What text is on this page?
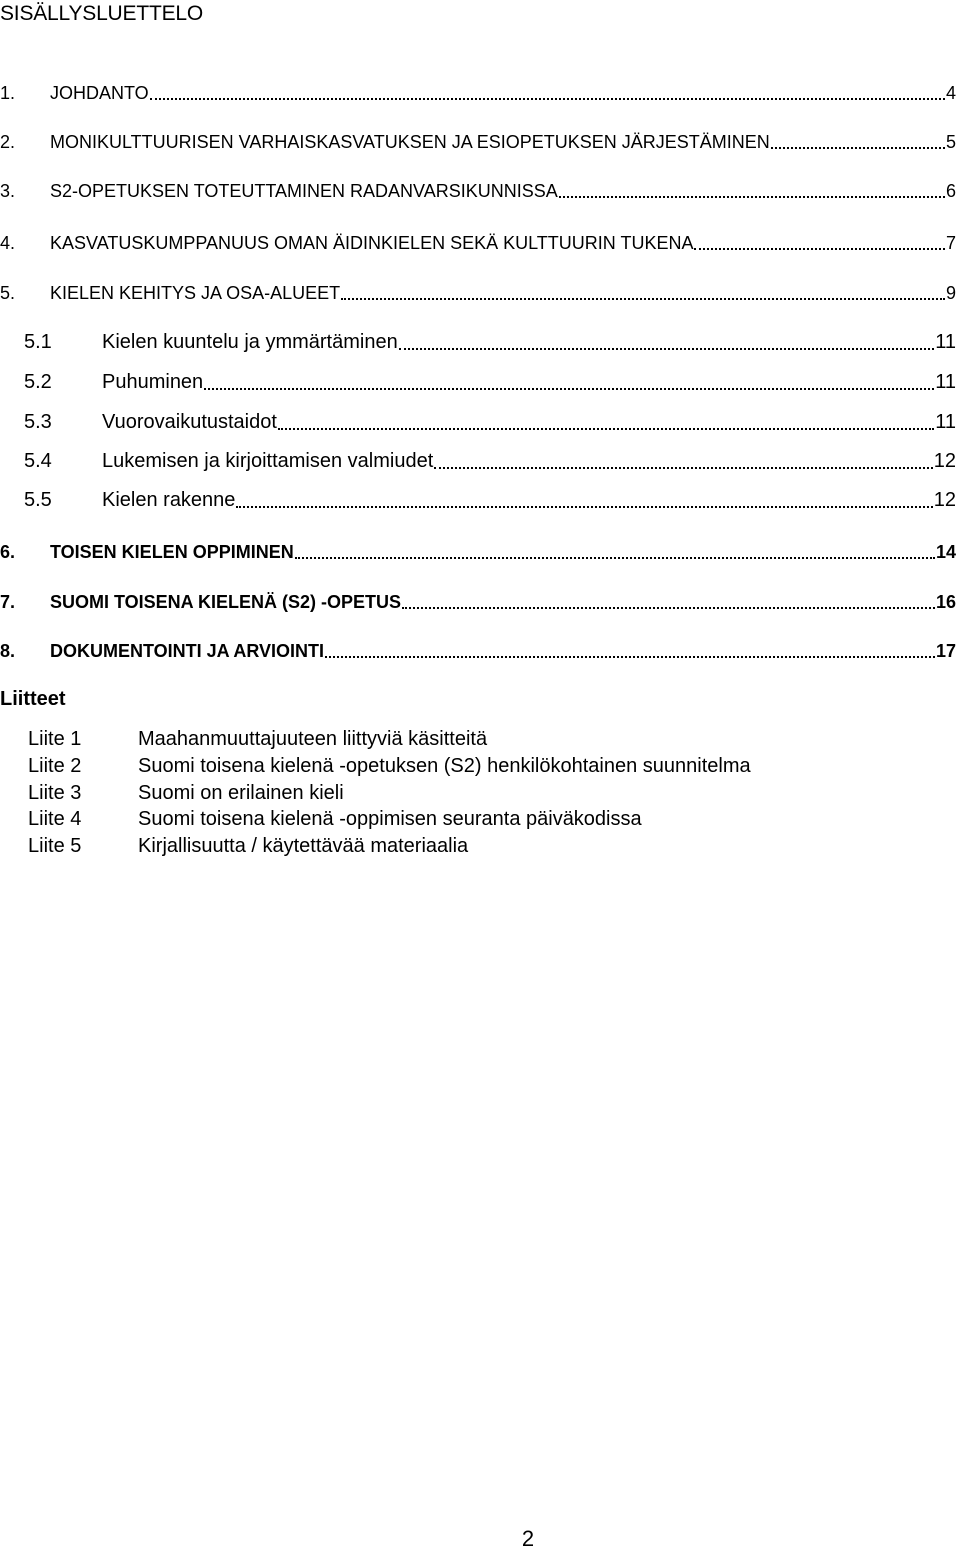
SISÄLLYSLUETTELO
1.	JOHDANTO	4
2.	MONIKULTTUURISEN VARHAISKASVATUKSEN JA ESIOPETUKSEN JÄRJESTÄMINEN	5
3.	S2-OPETUKSEN TOTEUTTAMINEN RADANVARSIKUNNISSA	6
4.	KASVATUSKUMPPANUUS OMAN ÄIDINKIELEN SEKÄ KULTTUURIN TUKENA	7
5.	KIELEN KEHITYS JA OSA-ALUEET	9
5.1	Kielen kuuntelu ja ymmärtäminen	11
5.2	Puhuminen	11
5.3	Vuorovaikutustaidot	11
5.4	Lukemisen ja kirjoittamisen valmiudet	12
5.5	Kielen rakenne	12
6.	TOISEN KIELEN OPPIMINEN	14
7.	SUOMI TOISENA KIELENÄ (S2) -OPETUS	16
8.	DOKUMENTOINTI JA ARVIOINTI	17
Liitteet
Liite 1	Maahanmuuttajuuteen liittyviä käsitteitä
Liite 2	Suomi toisena kielenä -opetuksen (S2) henkilökohtainen suunnitelma
Liite 3	Suomi on erilainen kieli
Liite 4	Suomi toisena kielenä -oppimisen seuranta päiväkodissa
Liite 5	Kirjallisuutta / käytettävää materiaalia
2
